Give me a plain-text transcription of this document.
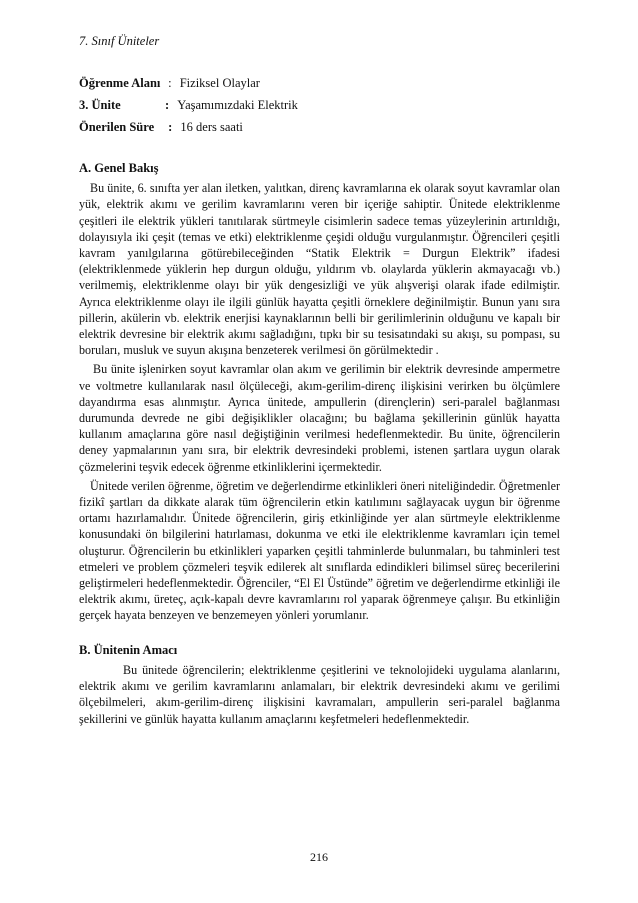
7. Sınıf Üniteler
Öğrenme Alanı : Fiziksel Olaylar
3. Ünite	: Yaşamımızdaki Elektrik
Önerilen Süre : 16 ders saati
A. Genel Bakış

Bu ünite, 6. sınıfta yer alan iletken, yalıtkan, direnç kavramlarına ek olarak soyut kavramlar olan yük, elektrik akımı ve gerilim kavramlarını veren bir içeriğe sahiptir. Ünitede elektriklenme çeşitleri ile elektrik yükleri tanıtılarak sürtmeyle cisimlerin sadece temas yüzeylerinin artırıldığı, dolayısıyla iki çeşit (temas ve etki) elektriklenme çeşidi olduğu vurgulanmıştır. Öğrencileri çeşitli kavram yanılgılarına götürebileceğinden “Statik Elektrik = Durgun Elektrik” ifadesi (elektriklenmede yüklerin hep durgun olduğu, yıldırım vb. olaylarda yüklerin akmayacağı vb.) verilmemiş, elektriklenme olayı bir yük dengesizliği ve yük alışverişi olarak ifade edilmiştir. Ayrıca elektriklenme olayı ile ilgili günlük hayatta çeşitli örneklere değinilmiştir. Bunun yanı sıra pillerin, akülerin vb. elektrik enerjisi kaynaklarının belli bir gerilimlerinin olduğunu ve kapalı bir elektrik devresine bir elektrik akımı sağladığını, tıpkı bir su tesisatındaki su akışı, su pompası, su boruları, musluk ve suyun akışına benzeterek verilmesi ön görülmektedir .

Bu ünite işlenirken soyut kavramlar olan akım ve gerilimin bir elektrik devresinde ampermetre ve voltmetre kullanılarak nasıl ölçüleceği, akım-gerilim-direnç ilişkisini verirken bu ölçümlere dayandırma esas alınmıştır. Ayrıca ünitede, ampullerin (dirençlerin) seri-paralel bağlanması durumunda devrede ne gibi değişiklikler olacağını; bu bağlama şekillerinin günlük hayatta kullanım amaçlarına göre nasıl değiştiğinin verilmesi hedeflenmektedir. Bu ünite, öğrencilerin deney yapmalarının yanı sıra, bir elektrik devresindeki problemi, istenen şartlara uygun olarak çözmelerini teşvik edecek öğrenme etkinliklerini içermektedir.

Ünitede verilen öğrenme, öğretim ve değerlendirme etkinlikleri öneri niteliğindedir. Öğretmenler fizikî şartları da dikkate alarak tüm öğrencilerin etkin katılımını sağlayacak uygun bir öğrenme ortamı hazırlamalıdır. Ünitede öğrencilerin, giriş etkinliğinde yer alan sürtmeyle elektriklenme konusundaki ön bilgilerini hatırlaması, dokunma ve etki ile elektriklenme kavramları için temel oluşturur. Öğrencilerin bu etkinlikleri yaparken çeşitli tahminlerde bulunmaları, bu tahminleri test etmeleri ve problem çözmeleri teşvik edilerek alt sınıflarda edindikleri bilimsel süreç becerilerini geliştirmeleri hedeflenmektedir. Öğrenciler, “El El Üstünde” öğretim ve değerlendirme etkinliği ile elektrik akımı, üreteç, açık-kapalı devre kavramlarını rol yaparak öğrenmeye çalışır. Bu etkinliğin gerçek hayata benzeyen ve benzemeyen yönleri yorumlanır.

B. Ünitenin Amacı

Bu ünitede öğrencilerin; elektriklenme çeşitlerini ve teknolojideki uygulama alanlarını, elektrik akımı ve gerilim kavramlarını anlamaları, bir elektrik devresindeki akımı ve gerilimi ölçebilmeleri, akım-gerilim-direnç ilişkisini kavramaları, ampullerin seri-paralel bağlanma şekillerini ve günlük hayatta kullanım amaçlarını keşfetmeleri hedeflenmektedir.

216
